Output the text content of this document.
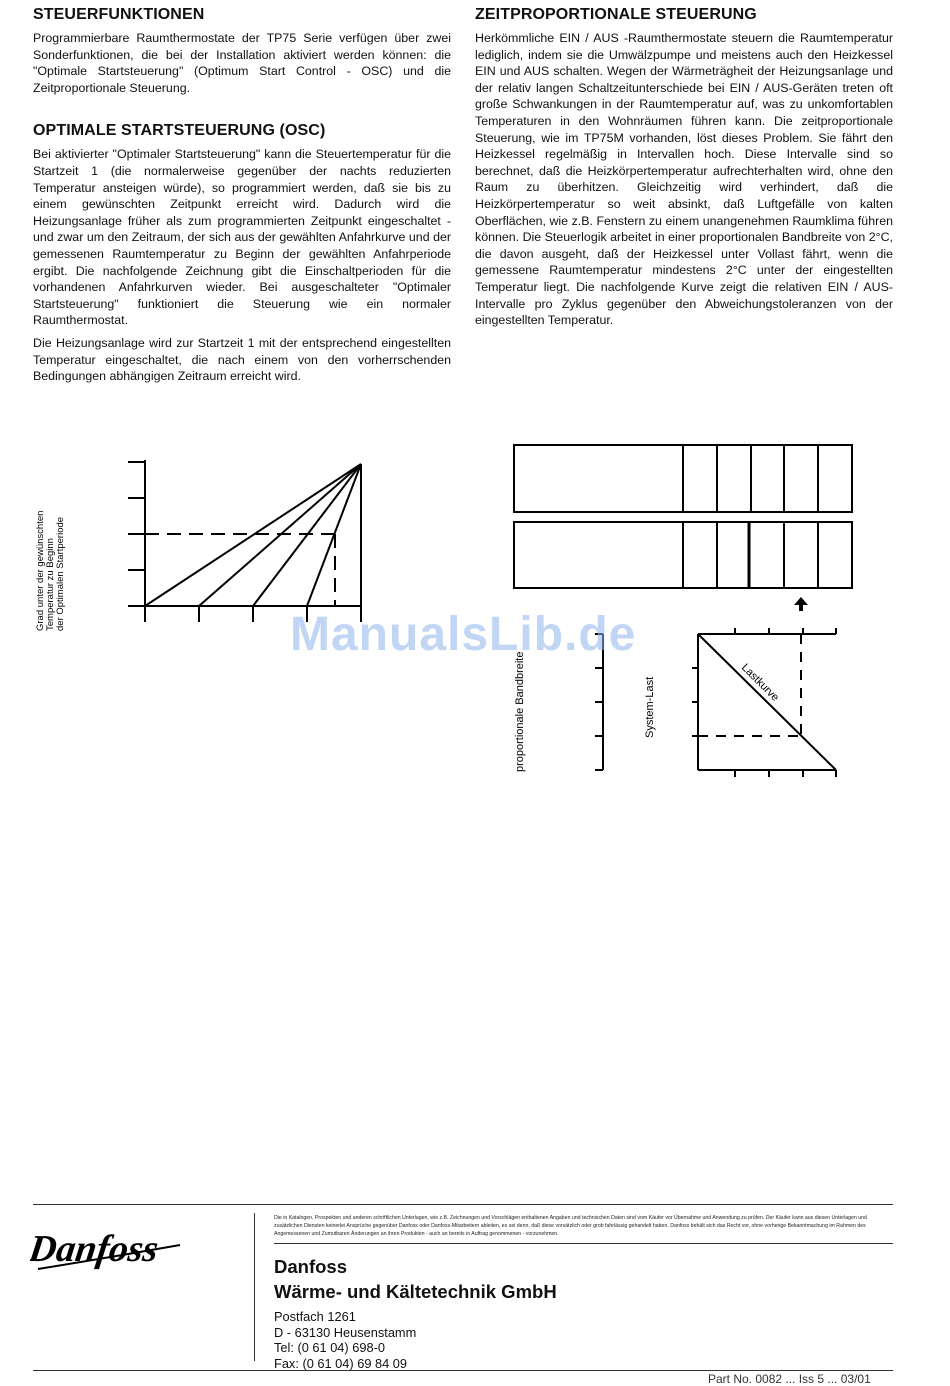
STEUERFUNKTIONEN

Programmierbare Raumthermostate der TP75 Serie verfügen über zwei Sonderfunktionen, die bei der Installation aktiviert werden können: die "Optimale Startsteuerung" (Optimum Start Control - OSC) und die Zeitproportionale Steuerung.

OPTIMALE STARTSTEUERUNG (OSC)

Bei aktivierter "Optimaler Startsteuerung" kann die Steuertemperatur für die Startzeit 1 (die normalerweise gegenüber der nachts reduzierten Temperatur ansteigen würde), so programmiert werden, daß sie bis zu einem gewünschten Zeitpunkt erreicht wird. Dadurch wird die Heizungsanlage früher als zum programmierten Zeitpunkt eingeschaltet - und zwar um den Zeitraum, der sich aus der gewählten Anfahrkurve und der gemessenen Raumtemperatur zu Beginn der gewählten Anfahrperiode ergibt. Die nachfolgende Zeichnung gibt die Einschaltperioden für die vorhandenen Anfahrkurven wieder. Bei ausgeschalteter "Optimaler Startsteuerung" funktioniert die Steuerung wie ein normaler Raumthermostat.

Die Heizungsanlage wird zur Startzeit 1 mit der entsprechend eingestellten Temperatur eingeschaltet, die nach einem von den vorherrschenden Bedingungen abhängigen Zeitraum erreicht wird.

ZEITPROPORTIONALE STEUERUNG

Herkömmliche EIN / AUS -Raumthermostate steuern die Raumtemperatur lediglich, indem sie die Umwälzpumpe und meistens auch den Heizkessel EIN und AUS schalten. Wegen der Wärmeträgheit der Heizungsanlage und der relativ langen Schaltzeitunterschiede bei EIN / AUS-Geräten treten oft große Schwankungen in der Raumtemperatur auf, was zu unkomfortablen Temperaturen in den Wohnräumen führen kann. Die zeitproportionale Steuerung, wie im TP75M vorhanden, löst dieses Problem. Sie fährt den Heizkessel regelmäßig in Intervallen hoch. Diese Intervalle sind so berechnet, daß die Heizkörpertemperatur aufrechterhalten wird, ohne den Raum zu überhitzen. Gleichzeitig wird verhindert, daß die Heizkörpertemperatur so weit absinkt, daß Luftgefälle von kalten Oberflächen, wie z.B. Fenstern zu einem unangenehmen Raumklima führen können. Die Steuerlogik arbeitet in einer proportionalen Bandbreite von 2°C, die davon ausgeht, daß der Heizkessel unter Vollast fährt, wenn die gemessene Raumtemperatur mindestens 2°C unter der eingestellten Temperatur liegt. Die nachfolgende Kurve zeigt die relativen EIN / AUS- Intervalle pro Zyklus gegenüber den Abweichungstoleranzen von der eingestellten Temperatur.

Grad unter der gewünschten Temperatur zu Beginn der Optimalen Startperiode
proportionale Bandbreite	System-Last	Lastkurve
ManualsLib.de
Danfoss
Die in Katalogen, Prospekten und anderen schriftlichen Unterlagen, wie z.B. Zeichnungen und Vorschlägen enthaltenen Angaben und technischen Daten sind vom Käufer vor Übernahme und Anwendung zu prüfen. Der Käufer kann aus diesen Unterlagen und zusätzlichen Diensten keinerlei Ansprüche gegenüber Danfoss oder Danfoss-Mitarbeitern ableiten, es sei denn, daß diese vorsätzlich oder grob fahrlässig gehandelt haben. Danfoss behält sich das Recht vor, ohne vorherige Bekanntmachung im Rahmen des Angemessenen und Zumutbaren Änderungen an ihren Produkten - auch an bereits in Auftrag genommenen - vorzunehmen.
Danfoss
Wärme- und Kältetechnik GmbH
Postfach 1261
D - 63130 Heusenstamm
Tel: (0 61 04) 698-0
Fax: (0 61 04) 69 84 09
Part No. 0082 ... Iss 5 ... 03/01
